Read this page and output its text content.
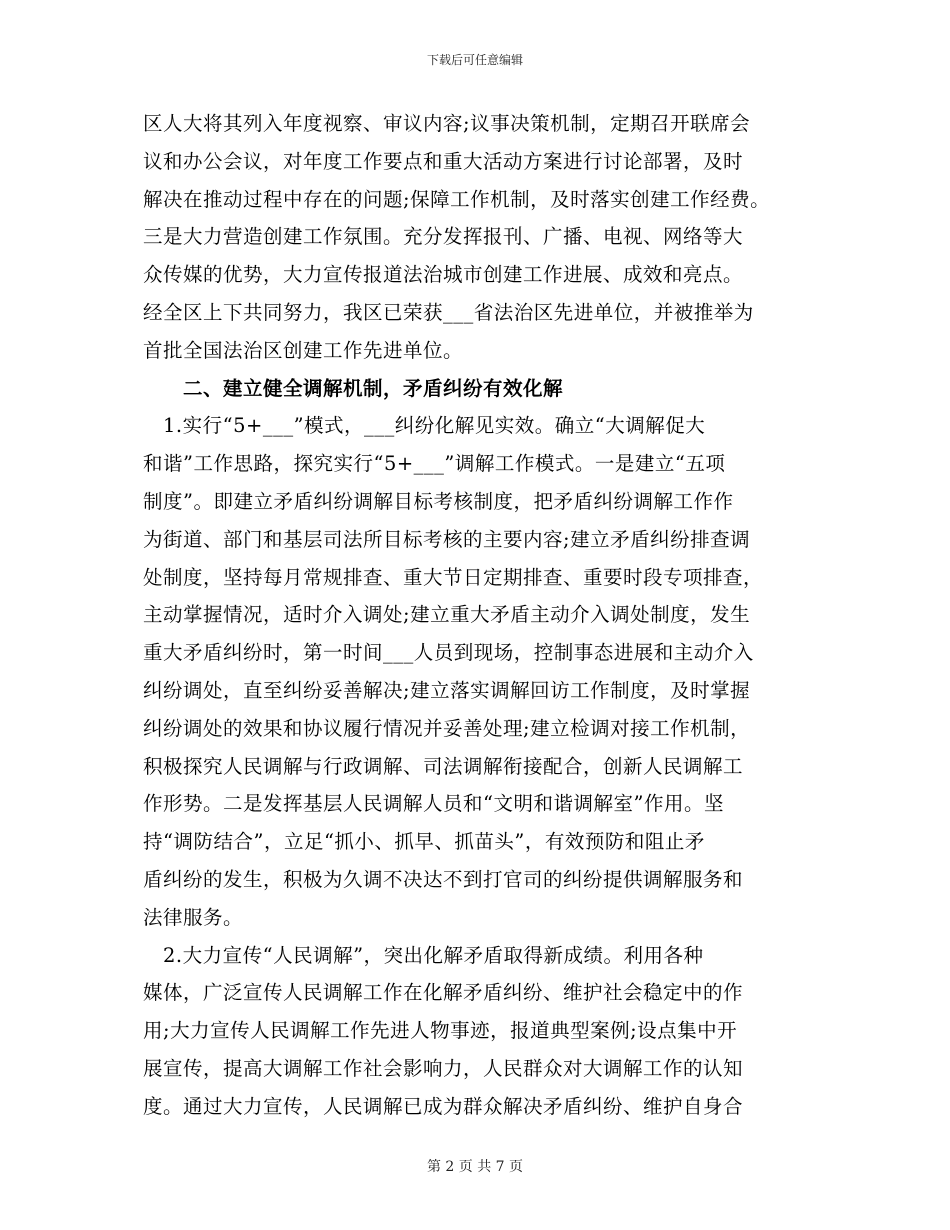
下载后可任意编辑
区人大将其列入年度视察、审议内容;议事决策机制，定期召开联席会
议和办公会议，对年度工作要点和重大活动方案进行讨论部署，及时
解决在推动过程中存在的问题;保障工作机制，及时落实创建工作经费。
三是大力营造创建工作氛围。充分发挥报刊、广播、电视、网络等大
众传媒的优势，大力宣传报道法治城市创建工作进展、成效和亮点。
经全区上下共同努力，我区已荣获___省法治区先进单位，并被推举为
首批全国法治区创建工作先进单位。
二、建立健全调解机制，矛盾纠纷有效化解
1.实行“5+___”模式，___纠纷化解见实效。确立“大调解促大
和谐”工作思路，探究实行“5+___”调解工作模式。一是建立“五项
制度”。即建立矛盾纠纷调解目标考核制度，把矛盾纠纷调解工作作
为街道、部门和基层司法所目标考核的主要内容;建立矛盾纠纷排查调
处制度，坚持每月常规排查、重大节日定期排查、重要时段专项排查，
主动掌握情况，适时介入调处;建立重大矛盾主动介入调处制度，发生
重大矛盾纠纷时，第一时间___人员到现场，控制事态进展和主动介入
纠纷调处，直至纠纷妥善解决;建立落实调解回访工作制度，及时掌握
纠纷调处的效果和协议履行情况并妥善处理;建立检调对接工作机制，
积极探究人民调解与行政调解、司法调解衔接配合，创新人民调解工
作形势。二是发挥基层人民调解人员和“文明和谐调解室”作用。坚
持“调防结合”，立足“抓小、抓早、抓苗头”，有效预防和阻止矛
盾纠纷的发生，积极为久调不决达不到打官司的纠纷提供调解服务和
法律服务。
2.大力宣传“人民调解”，突出化解矛盾取得新成绩。利用各种
媒体，广泛宣传人民调解工作在化解矛盾纠纷、维护社会稳定中的作
用;大力宣传人民调解工作先进人物事迹，报道典型案例;设点集中开
展宣传，提高大调解工作社会影响力，人民群众对大调解工作的认知
度。通过大力宣传，人民调解已成为群众解决矛盾纠纷、维护自身合
第 2 页 共 7 页
